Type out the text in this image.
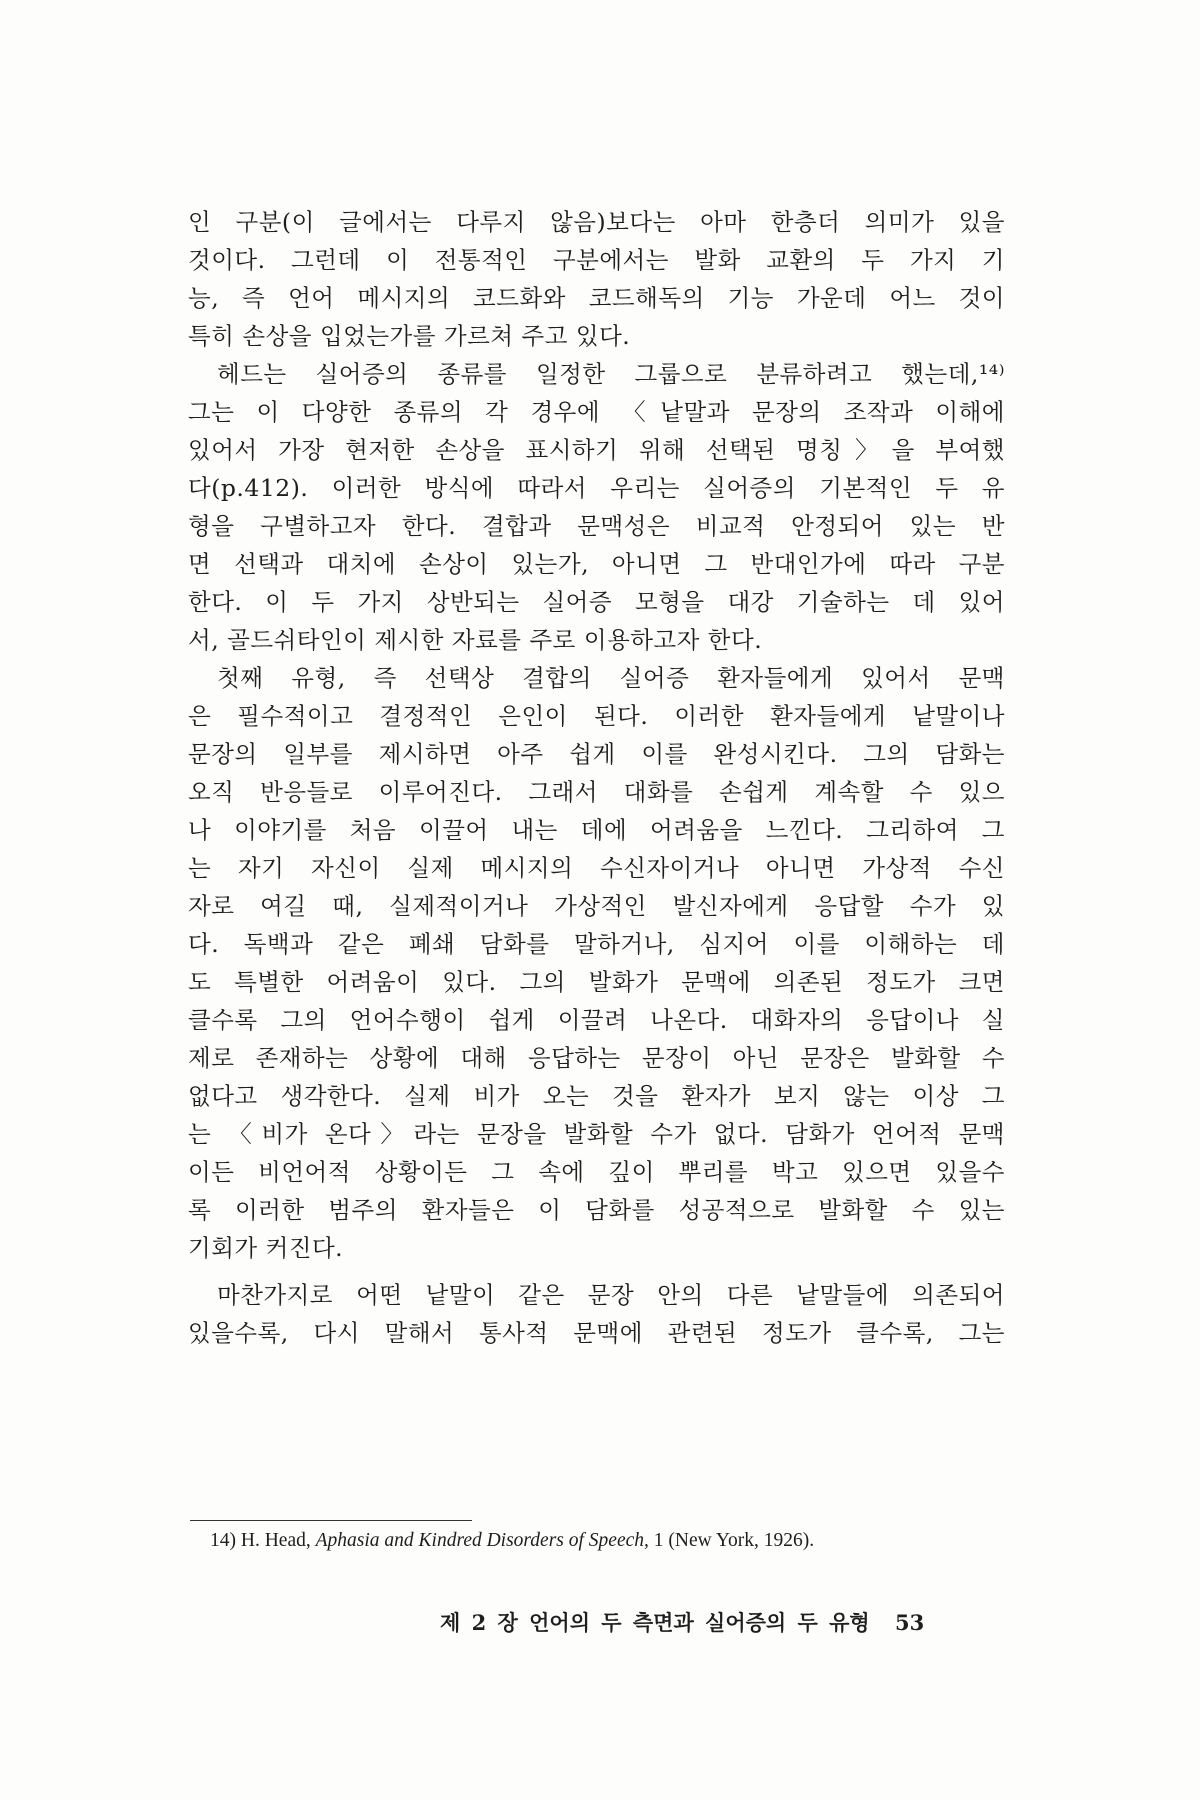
인 구분(이 글에서는 다루지 않음)보다는 아마 한층더 의미가 있을
것이다. 그런데 이 전통적인 구분에서는 발화 교환의 두 가지 기
능, 즉 언어 메시지의 코드화와 코드해독의 기능 가운데 어느 것이
특히 손상을 입었는가를 가르쳐 주고 있다.
헤드는 실어증의 종류를 일정한 그룹으로 분류하려고 했는데,¹⁴⁾
그는 이 다양한 종류의 각 경우에 〈낱말과 문장의 조작과 이해에
있어서 가장 현저한 손상을 표시하기 위해 선택된 명칭〉을 부여했
다(p.412). 이러한 방식에 따라서 우리는 실어증의 기본적인 두 유
형을 구별하고자 한다. 결합과 문맥성은 비교적 안정되어 있는 반
면 선택과 대치에 손상이 있는가, 아니면 그 반대인가에 따라 구분
한다. 이 두 가지 상반되는 실어증 모형을 대강 기술하는 데 있어
서, 골드쉬타인이 제시한 자료를 주로 이용하고자 한다.
첫째 유형, 즉 선택상 결합의 실어증 환자들에게 있어서 문맥
은 필수적이고 결정적인 은인이 된다. 이러한 환자들에게 낱말이나
문장의 일부를 제시하면 아주 쉽게 이를 완성시킨다. 그의 담화는
오직 반응들로 이루어진다. 그래서 대화를 손쉽게 계속할 수 있으
나 이야기를 처음 이끌어 내는 데에 어려움을 느낀다. 그리하여 그
는 자기 자신이 실제 메시지의 수신자이거나 아니면 가상적 수신
자로 여길 때, 실제적이거나 가상적인 발신자에게 응답할 수가 있
다. 독백과 같은 폐쇄 담화를 말하거나, 심지어 이를 이해하는 데
도 특별한 어려움이 있다. 그의 발화가 문맥에 의존된 정도가 크면
클수록 그의 언어수행이 쉽게 이끌려 나온다. 대화자의 응답이나 실
제로 존재하는 상황에 대해 응답하는 문장이 아닌 문장은 발화할 수
없다고 생각한다. 실제 비가 오는 것을 환자가 보지 않는 이상 그
는 〈비가 온다〉라는 문장을 발화할 수가 없다. 담화가 언어적 문맥
이든 비언어적 상황이든 그 속에 깊이 뿌리를 박고 있으면 있을수
록 이러한 범주의 환자들은 이 담화를 성공적으로 발화할 수 있는
기회가 커진다.
마찬가지로 어떤 낱말이 같은 문장 안의 다른 낱말들에 의존되어
있을수록, 다시 말해서 통사적 문맥에 관련된 정도가 클수록, 그는
14) H. Head, Aphasia and Kindred Disorders of Speech, 1 (New York, 1926).
제 2 장 언어의 두 측면과 실어증의 두 유형 53
